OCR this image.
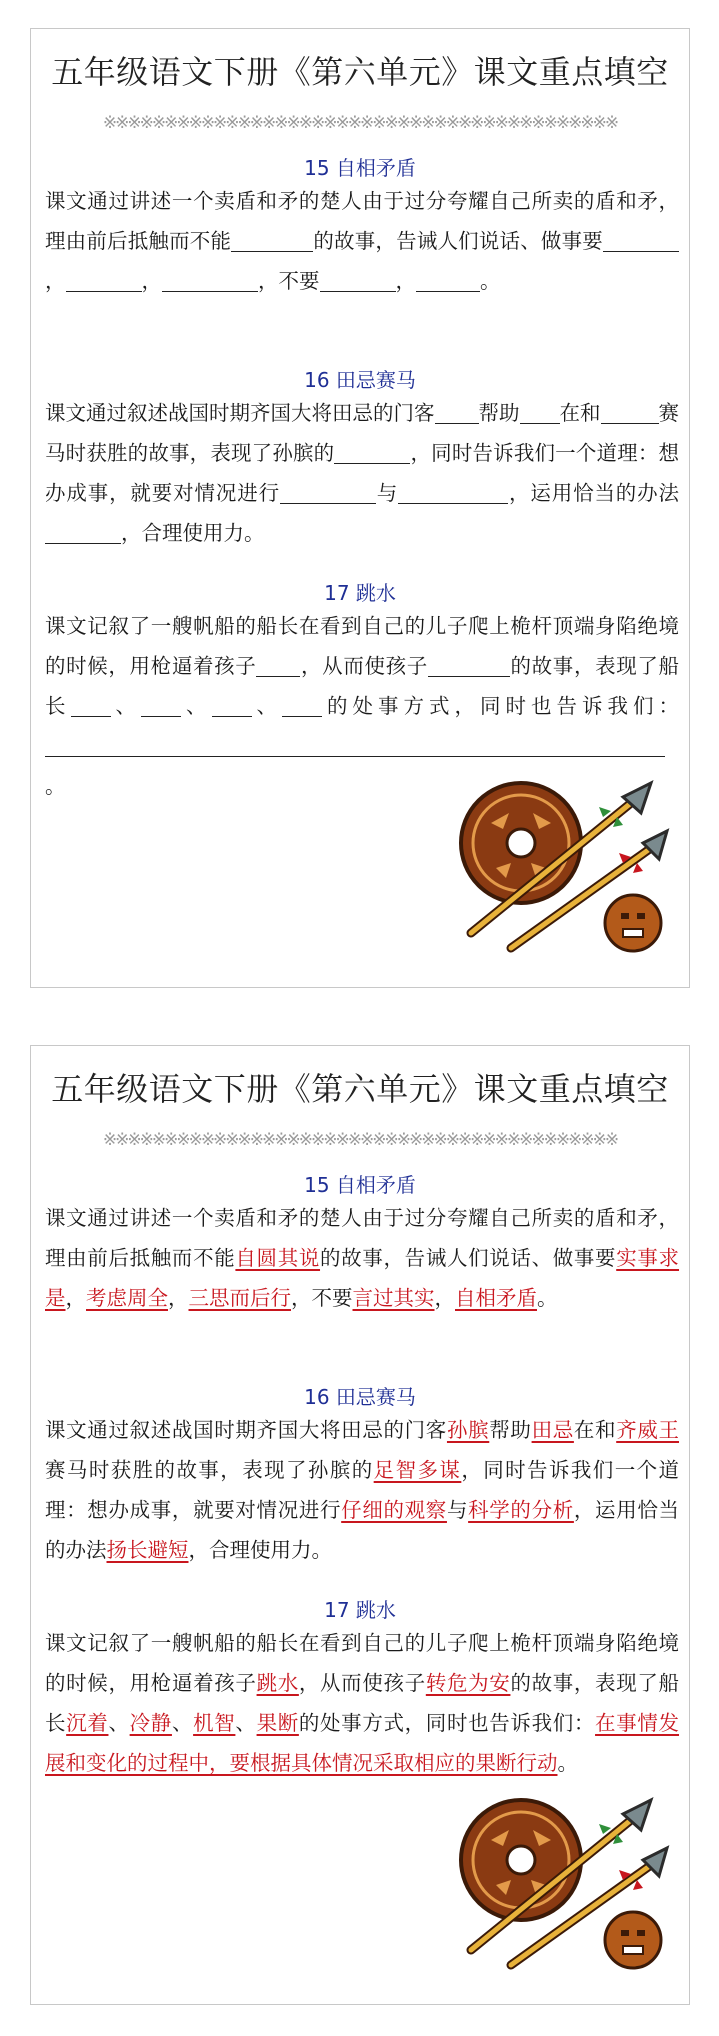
五年级语文下册《第六单元》课文重点填空
※※※※※※※※※※※※※※※※※※※※※※※※※※※※※※※※※※※※※※※※※※
15 自相矛盾
课文通过讲述一个卖盾和矛的楚人由于过分夸耀自己所卖的盾和矛，理由前后抵触而不能	的故事，告诫人们说话、做事要，	，	，不要	，	。
16 田忌赛马
课文通过叙述战国时期齐国大将田忌的门客 帮助 在和	赛马时获胜的故事，表现了孙膑的	，同时告诉我们一个道理：想办成事，就要对情况进行	与	，运用恰当的办法，合理使用力。
17 跳水
课文记叙了一艘帆船的船长在看到自己的儿子爬上桅杆顶端身陷绝境的时候，用枪逼着孩子 ，从而使孩子	的故事，表现了船长 、 、 、 的处事方式，同时也告诉我们：。
五年级语文下册《第六单元》课文重点填空
※※※※※※※※※※※※※※※※※※※※※※※※※※※※※※※※※※※※※※※※※※
15 自相矛盾
课文通过讲述一个卖盾和矛的楚人由于过分夸耀自己所卖的盾和矛，理由前后抵触而不能自圆其说的故事，告诫人们说话、做事要实事求是，考虑周全，三思而后行，不要言过其实，自相矛盾。
16 田忌赛马
课文通过叙述战国时期齐国大将田忌的门客孙膑帮助田忌在和齐威王赛马时获胜的故事，表现了孙膑的足智多谋，同时告诉我们一个道理：想办成事，就要对情况进行仔细的观察与科学的分析，运用恰当的办法扬长避短，合理使用力。
17 跳水
课文记叙了一艘帆船的船长在看到自己的儿子爬上桅杆顶端身陷绝境的时候，用枪逼着孩子跳水，从而使孩子转危为安的故事，表现了船长沉着、冷静、机智、果断的处事方式，同时也告诉我们：在事情发展和变化的过程中，要根据具体情况采取相应的果断行动。
